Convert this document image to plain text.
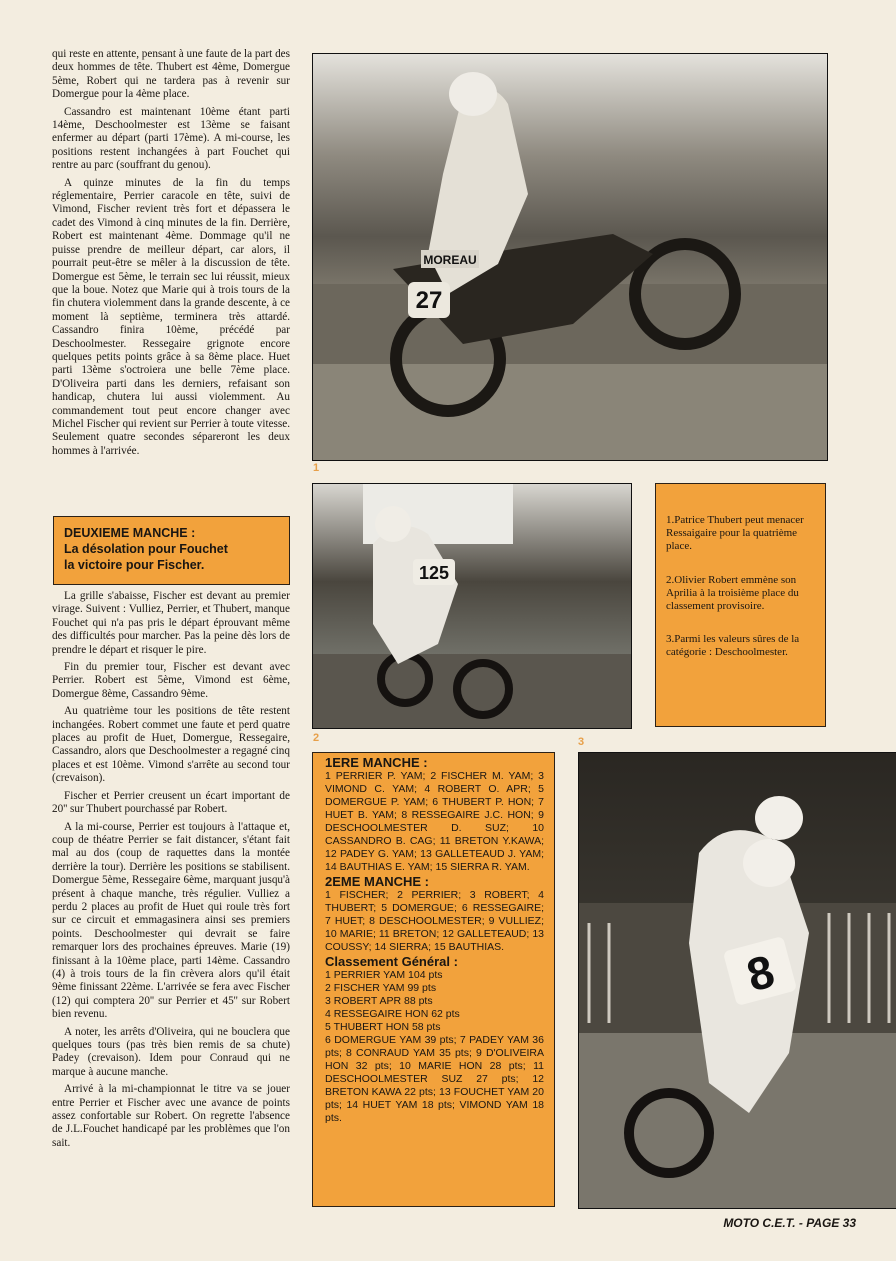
qui reste en attente, pensant à une faute de la part des deux hommes de tête. Thubert est 4ème, Domergue 5ème, Robert qui ne tardera pas à revenir sur Domergue pour la 4ème place.

Cassandro est maintenant 10ème étant parti 14ème, Deschoolmester est 13ème se faisant enfermer au départ (parti 17ème). A mi-course, les positions restent inchangées à part Fouchet qui rentre au parc (souffrant du genou).

A quinze minutes de la fin du temps réglementaire, Perrier caracole en tête, suivi de Vimond, Fischer revient très fort et dépassera le cadet des Vimond à cinq minutes de la fin. Derrière, Robert est maintenant 4ème. Dommage qu'il ne puisse prendre de meilleur départ, car alors, il pourrait peut-être se mêler à la discussion de tête. Domergue est 5ème, le terrain sec lui réussit, mieux que la boue. Notez que Marie qui à trois tours de la fin chutera violemment dans la grande descente, à ce moment là septième, terminera très attardé. Cassandro finira 10ème, précédé par Deschoolmester. Ressegaire grignote encore quelques petits points grâce à sa 8ème place. Huet parti 13ème s'octroiera une belle 7ème place. D'Oliveira parti dans les derniers, refaisant son handicap, chutera lui aussi violemment. Au commandement tout peut encore changer avec Michel Fischer qui revient sur Perrier à toute vitesse. Seulement quatre secondes sépareront les deux hommes à l'arrivée.

DEUXIEME MANCHE :
La désolation pour Fouchet
la victoire pour Fischer.

La grille s'abaisse, Fischer est devant au premier virage. Suivent : Vulliez, Perrier, et Thubert, manque Fouchet qui n'a pas pris le départ éprouvant même des difficultés pour marcher. Pas la peine dès lors de prendre le départ et risquer le pire.

Fin du premier tour, Fischer est devant avec Perrier. Robert est 5ème, Vimond est 6ème, Domergue 8ème, Cassandro 9ème.

Au quatrième tour les positions de tête restent inchangées. Robert commet une faute et perd quatre places au profit de Huet, Domergue, Ressegaire, Cassandro, alors que Deschoolmester a regagné cinq places et est 10ème. Vimond s'arrête au second tour (crevaison).

Fischer et Perrier creusent un écart important de 20'' sur Thubert pourchassé par Robert.

A la mi-course, Perrier est toujours à l'attaque et, coup de théatre Perrier se fait distancer, s'étant fait mal au dos (coup de raquettes dans la montée derrière la tour). Derrière les positions se stabilisent. Domergue 5ème, Ressegaire 6ème, marquant jusqu'à présent à chaque manche, très régulier. Vulliez a perdu 2 places au profit de Huet qui roule très fort sur ce circuit et emmagasinera ainsi ses premiers points. Deschoolmester qui devrait se faire remarquer lors des prochaines épreuves. Marie (19) finissant à la 10ème place, parti 14ème. Cassandro (4) à trois tours de la fin crèvera alors qu'il était 9ème finissant 22ème. L'arrivée se fera avec Fischer (12) qui comptera 20'' sur Perrier et 45'' sur Robert bien revenu.

A noter, les arrêts d'Oliveira, qui ne bouclera que quelques tours (pas très bien remis de sa chute) Padey (crevaison). Idem pour Conraud qui ne marque à aucune manche.

Arrivé à la mi-championnat le titre va se jouer entre Perrier et Fischer avec une avance de points assez confortable sur Robert. On regrette l'absence de J.L.Fouchet handicapé par les problèmes que l'on sait.

27
MOREAU
1
125
2

1.Patrice Thubert peut menacer Ressaigaire pour la quatrième place.

2.Olivier Robert emmène son Aprilia à la troisième place du classement provisoire.

3.Parmi les valeurs sûres de la catégorie : Deschoolmester.

1ERE MANCHE :
1 PERRIER P. YAM; 2 FISCHER M. YAM; 3 VIMOND C. YAM; 4 ROBERT O. APR; 5 DOMERGUE P. YAM; 6 THUBERT P. HON; 7 HUET B. YAM; 8 RESSEGAIRE J.C. HON; 9 DESCHOOLMESTER D. SUZ; 10 CASSANDRO B. CAG; 11 BRETON Y.KAWA; 12 PADEY G. YAM; 13 GALLETEAUD J. YAM; 14 BAUTHIAS E. YAM; 15 SIERRA R. YAM.
2EME MANCHE :
1 FISCHER; 2 PERRIER; 3 ROBERT; 4 THUBERT; 5 DOMERGUE; 6 RESSEGAIRE; 7 HUET; 8 DESCHOOLMESTER; 9 VULLIEZ; 10 MARIE; 11 BRETON; 12 GALLETEAUD; 13 COUSSY; 14 SIERRA; 15 BAUTHIAS.
Classement Général :
1 PERRIER YAM 104 pts
2 FISCHER YAM 99 pts
3 ROBERT APR 88 pts
4 RESSEGAIRE HON 62 pts
5 THUBERT HON 58 pts
6 DOMERGUE YAM 39 pts; 7 PADEY YAM 36 pts; 8 CONRAUD YAM 35 pts; 9 D'OLIVEIRA HON 32 pts; 10 MARIE HON 28 pts; 11 DESCHOOLMESTER SUZ 27 pts; 12 BRETON KAWA 22 pts; 13 FOUCHET YAM 20 pts; 14 HUET YAM 18 pts; VIMOND YAM 18 pts.
8
3
MOTO C.E.T. - PAGE 33
